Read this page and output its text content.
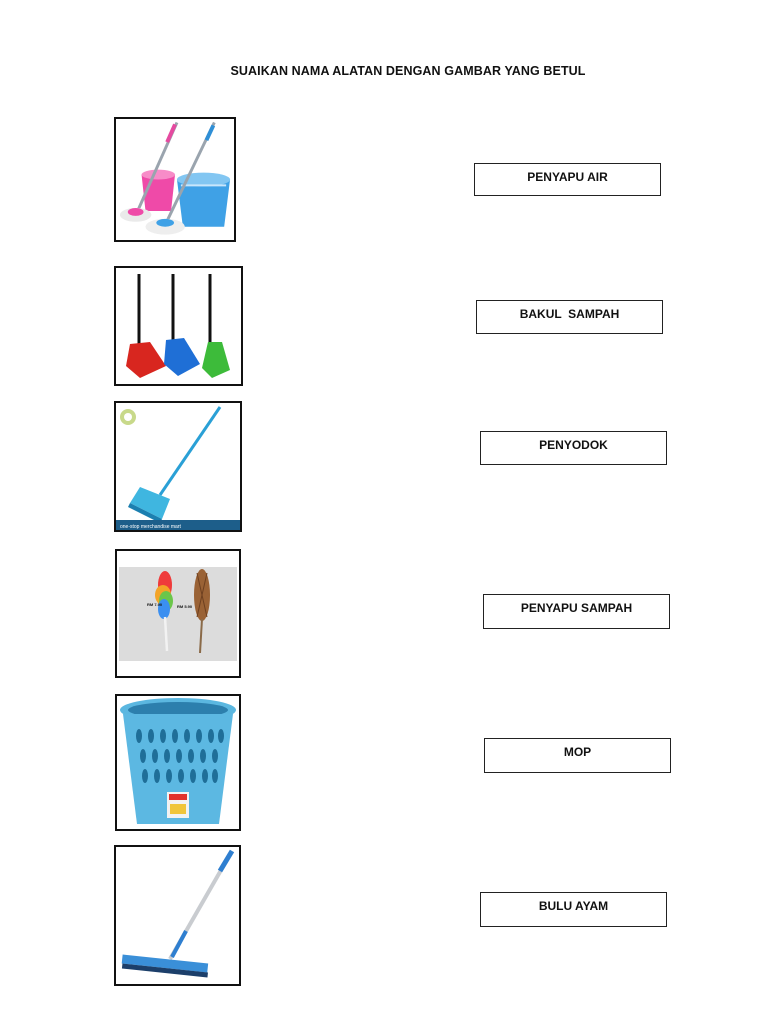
SUAIKAN NAMA ALATAN DENGAN GAMBAR YANG BETUL
one-stop merchandise mart
RM 7.90	RM 5.90
PENYAPU AIR
BAKUL  SAMPAH
PENYODOK
PENYAPU SAMPAH
MOP
BULU AYAM
